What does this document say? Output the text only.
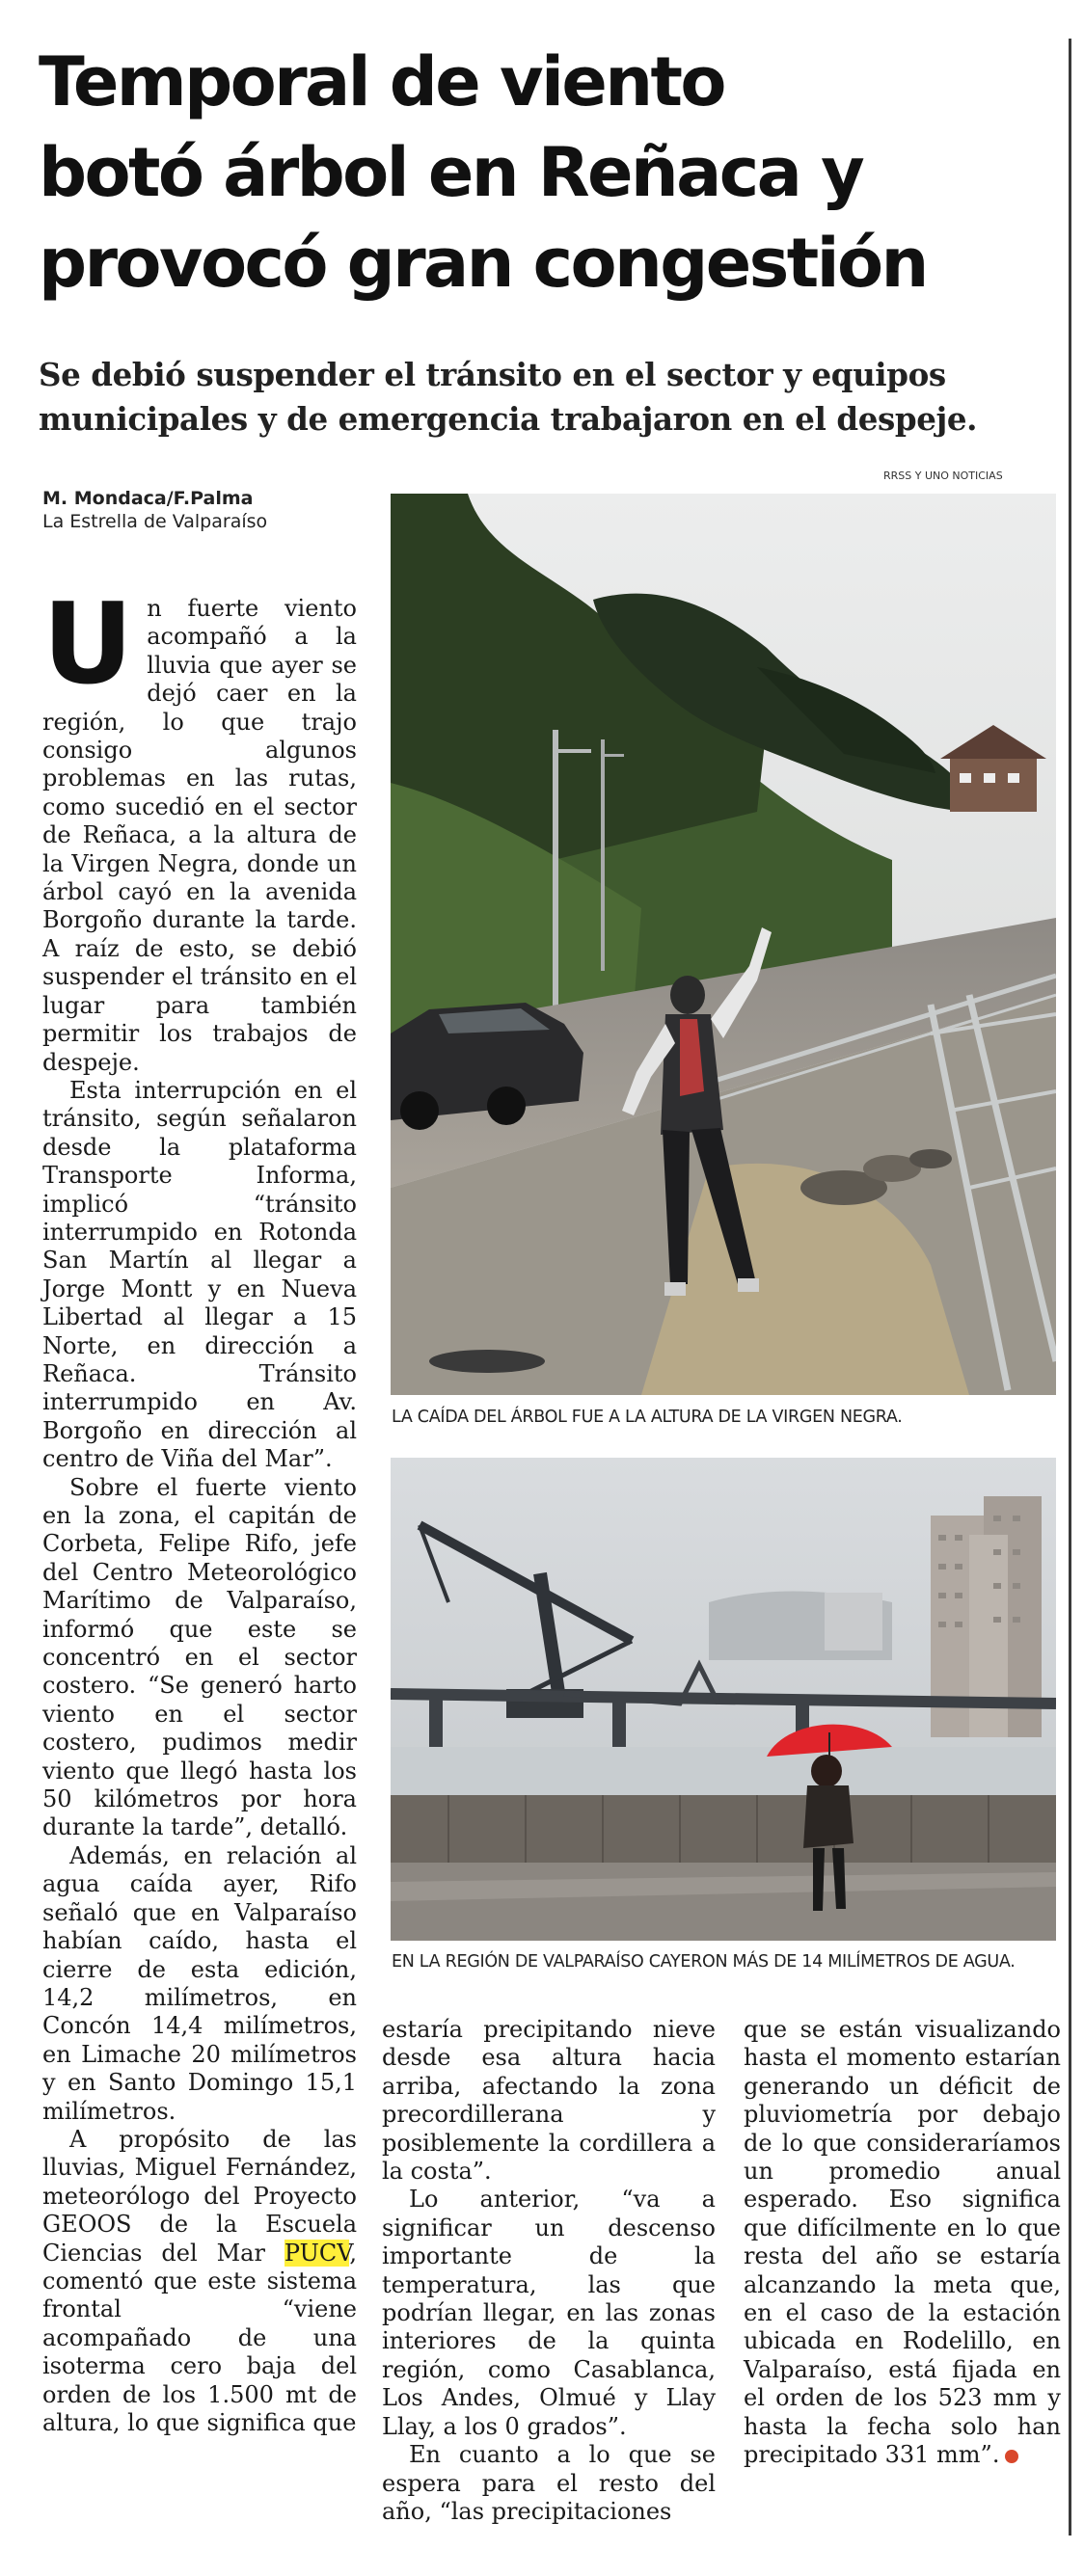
Temporal de viento
botó árbol en Reñaca y
provocó gran congestión
Se debió suspender el tránsito en el sector y equipos
municipales y de emergencia trabajaron en el despeje.
RRSS Y UNO NOTICIAS
M. Mondaca/F.Palma
La Estrella de Valparaíso

Un fuerte viento acompañó a la lluvia que ayer se dejó caer en la región, lo que trajo consigo algunos problemas en las rutas, como sucedió en el sector de Reñaca, a la altura de la Virgen Negra, donde un árbol cayó en la avenida Borgoño durante la tarde. A raíz de esto, se debió suspender el tránsito en el lugar para también permitir los trabajos de despeje.

Esta interrupción en el tránsito, según señalaron desde la plataforma Transporte Informa, implicó “tránsito interrumpido en Rotonda San Martín al llegar a Jorge Montt y en Nueva Libertad al llegar a 15 Norte, en dirección a Reñaca. Tránsito interrumpido en Av. Borgoño en dirección al centro de Viña del Mar”.

Sobre el fuerte viento en la zona, el capitán de Corbeta, Felipe Rifo, jefe del Centro Meteorológico Marítimo de Valparaíso, informó que este se concentró en el sector costero. “Se generó harto viento en el sector costero, pudimos medir viento que llegó hasta los 50 kilómetros por hora durante la tarde”, detalló.

Además, en relación al agua caída ayer, Rifo señaló que en Valparaíso habían caído, hasta el cierre de esta edición, 14,2 milímetros, en Concón 14,4 milímetros, en Limache 20 milímetros y en Santo Domingo 15,1 milímetros.

A propósito de las lluvias, Miguel Fernández, meteorólogo del Proyecto GEOOS de la Escuela Ciencias del Mar PUCV, comentó que este sistema frontal “viene acompañado de una isoterma cero baja del orden de los 1.500 mt de altura, lo que significa que

LA CAÍDA DEL ÁRBOL FUE A LA ALTURA DE LA VIRGEN NEGRA.
EN LA REGIÓN DE VALPARAÍSO CAYERON MÁS DE 14 MILÍMETROS DE AGUA.

estaría precipitando nieve desde esa altura hacia arriba, afectando la zona precordillerana y posiblemente la cordillera a la costa”.

Lo anterior, “va a significar un descenso importante de la temperatura, las que podrían llegar, en las zonas interiores de la quinta región, como Casablanca, Los Andes, Olmué y Llay Llay, a los 0 grados”.

En cuanto a lo que se espera para el resto del año, “las precipitaciones

que se están visualizando hasta el momento estarían generando un déficit de pluviometría por debajo de lo que consideraríamos un promedio anual esperado. Eso significa que difícilmente en lo que resta del año se estaría alcanzando la meta que, en el caso de la estación ubicada en Rodelillo, en Valparaíso, está fijada en el orden de los 523 mm y hasta la fecha solo han precipitado 331 mm”.
